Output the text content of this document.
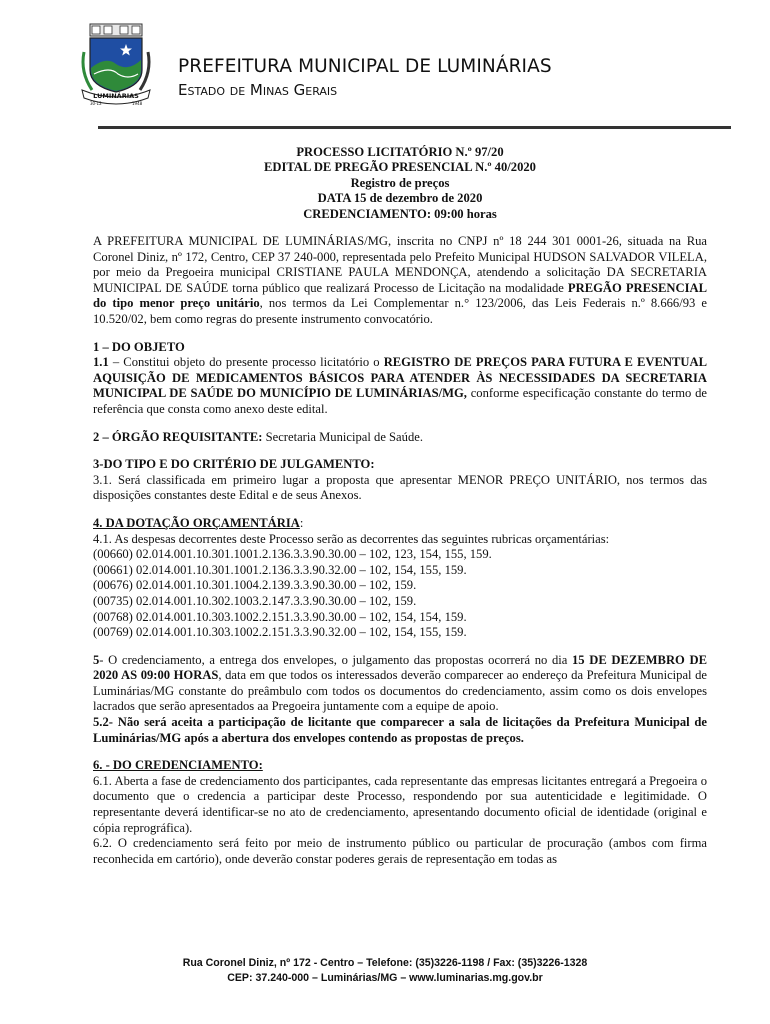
LUMINÁRIAS
30-12	1948
PREFEITURA MUNICIPAL DE LUMINÁRIAS
Estado de Minas Gerais
PROCESSO LICITATÓRIO N.º 97/20
EDITAL DE PREGÃO PRESENCIAL N.º 40/2020
Registro de preços
DATA 15 de dezembro de 2020
CREDENCIAMENTO: 09:00 horas

A PREFEITURA MUNICIPAL DE LUMINÁRIAS/MG, inscrita no CNPJ nº 18 244 301 0001-26, situada na Rua Coronel Diniz, nº 172, Centro, CEP 37 240-000, representada pelo Prefeito Municipal HUDSON SALVADOR VILELA, por meio da Pregoeira municipal CRISTIANE PAULA MENDONÇA, atendendo a solicitação DA SECRETARIA MUNICIPAL DE SAÚDE torna público que realizará Processo de Licitação na modalidade PREGÃO PRESENCIAL do tipo menor preço unitário, nos termos da Lei Complementar n.° 123/2006, das Leis Federais n.º 8.666/93 e 10.520/02, bem como regras do presente instrumento convocatório.

1 – DO OBJETO

1.1 – Constitui objeto do presente processo licitatório o REGISTRO DE PREÇOS PARA FUTURA E EVENTUAL AQUISIÇÃO DE MEDICAMENTOS BÁSICOS PARA ATENDER ÀS NECESSIDADES DA SECRETARIA MUNICIPAL DE SAÚDE DO MUNICÍPIO DE LUMINÁRIAS/MG, conforme especificação constante do termo de referência que consta como anexo deste edital.

2 – ÓRGÃO REQUISITANTE: Secretaria Municipal de Saúde.

3-DO TIPO E DO CRITÉRIO DE JULGAMENTO:

3.1. Será classificada em primeiro lugar a proposta que apresentar MENOR PREÇO UNITÁRIO, nos termos das disposições constantes deste Edital e de seus Anexos.

4. DA DOTAÇÃO ORÇAMENTÁRIA:
4.1. As despesas decorrentes deste Processo serão as decorrentes das seguintes rubricas orçamentárias:
(00660) 02.014.001.10.301.1001.2.136.3.3.90.30.00 – 102, 123, 154, 155, 159.
(00661) 02.014.001.10.301.1001.2.136.3.3.90.32.00 – 102, 154, 155, 159.
(00676) 02.014.001.10.301.1004.2.139.3.3.90.30.00 – 102, 159.
(00735) 02.014.001.10.302.1003.2.147.3.3.90.30.00 – 102, 159.
(00768) 02.014.001.10.303.1002.2.151.3.3.90.30.00 – 102, 154, 154, 159.
(00769) 02.014.001.10.303.1002.2.151.3.3.90.32.00 – 102, 154, 155, 159.

5- O credenciamento, a entrega dos envelopes, o julgamento das propostas ocorrerá no dia 15 DE DEZEMBRO DE 2020 AS 09:00 HORAS, data em que todos os interessados deverão comparecer ao endereço da Prefeitura Municipal de Luminárias/MG constante do preâmbulo com todos os documentos do credenciamento, assim como os dois envelopes lacrados que serão apresentados aa Pregoeira juntamente com a equipe de apoio.

5.2- Não será aceita a participação de licitante que comparecer a sala de licitações da Prefeitura Municipal de Luminárias/MG após a abertura dos envelopes contendo as propostas de preços.

6. - DO CREDENCIAMENTO:

6.1. Aberta a fase de credenciamento dos participantes, cada representante das empresas licitantes entregará a Pregoeira o documento que o credencia a participar deste Processo, respondendo por sua autenticidade e legitimidade. O representante deverá identificar-se no ato de credenciamento, apresentando documento oficial de identidade (original e cópia reprográfica).

6.2. O credenciamento será feito por meio de instrumento público ou particular de procuração (ambos com firma reconhecida em cartório), onde deverão constar poderes gerais de representação em todas as

Rua Coronel Diniz, nº 172 - Centro – Telefone: (35)3226-1198 / Fax: (35)3226-1328
CEP: 37.240-000 – Luminárias/MG – www.luminarias.mg.gov.br
